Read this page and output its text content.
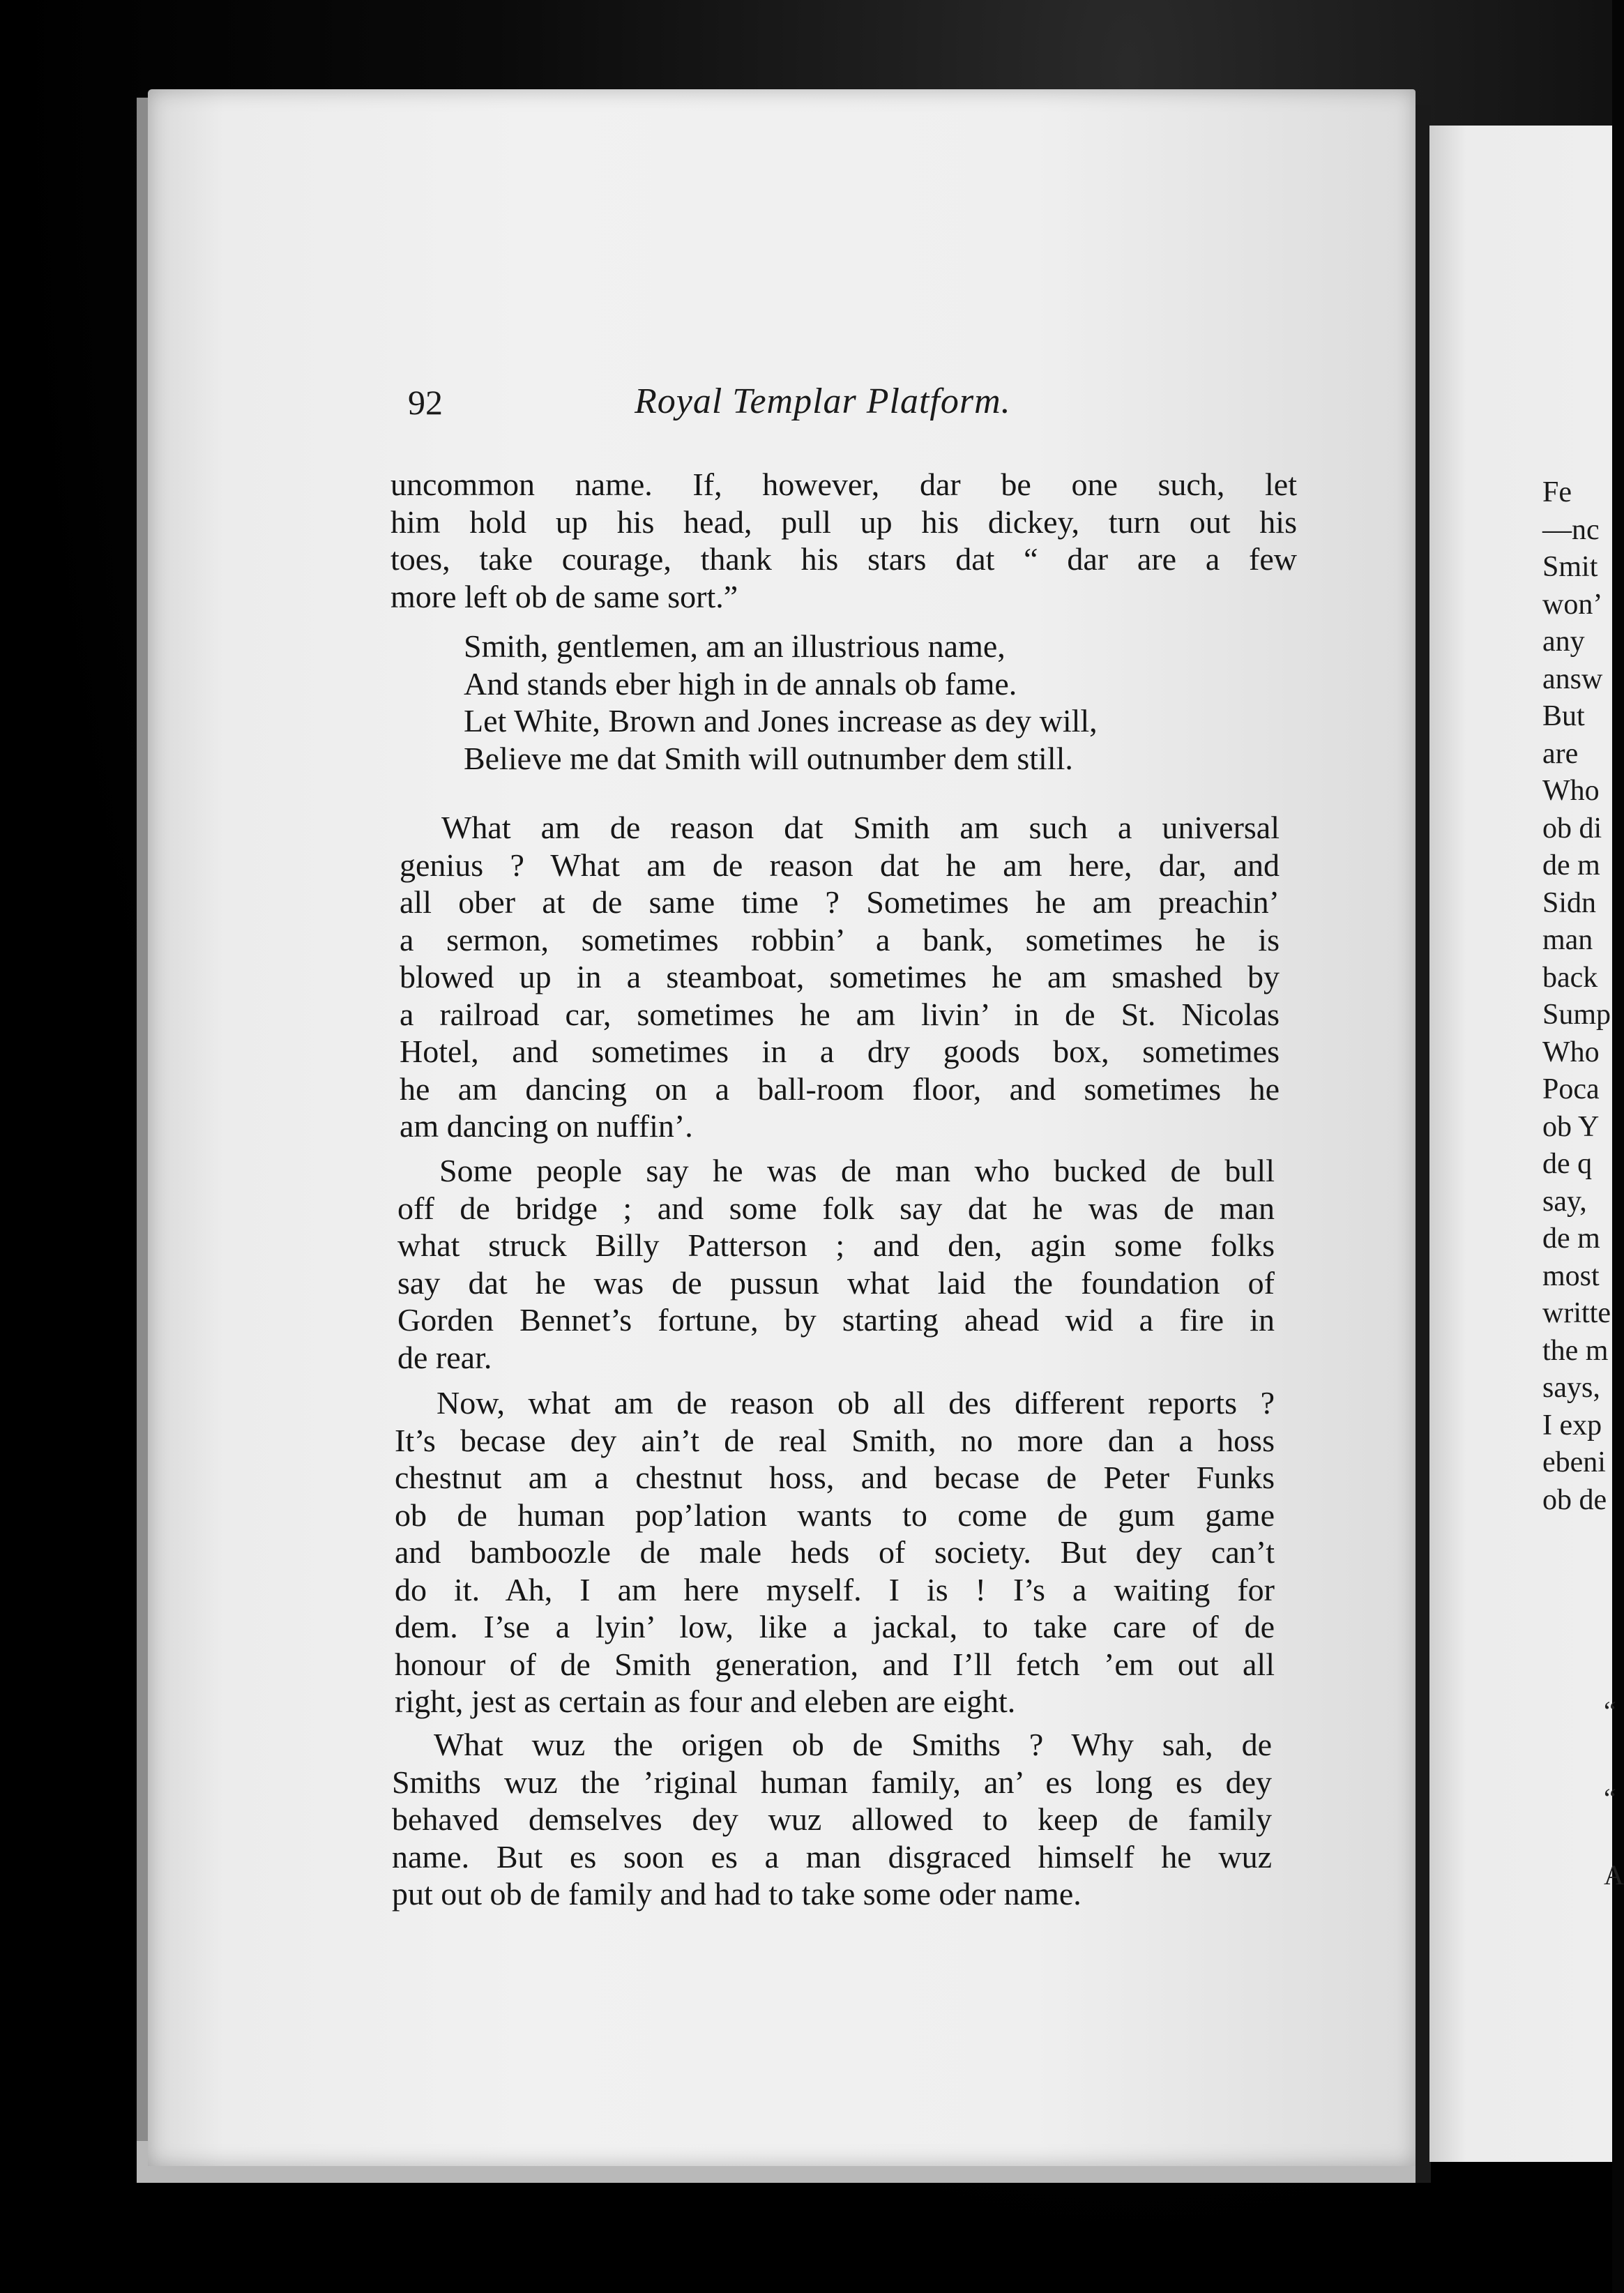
92	Royal Templar Platform.
uncommon name. If, however, dar be one such, let
him hold up his head, pull up his dickey, turn out his
toes, take courage, thank his stars dat “ dar are a few
more left ob de same sort.”
Smith, gentlemen, am an illustrious name,
And stands eber high in de annals ob fame.
Let White, Brown and Jones increase as dey will,
Believe me dat Smith will outnumber dem still.
What am de reason dat Smith am such a universal
genius ? What am de reason dat he am here, dar, and
all ober at de same time ? Sometimes he am preachin’
a sermon, sometimes robbin’ a bank, sometimes he is
blowed up in a steamboat, sometimes he am smashed by
a railroad car, sometimes he am livin’ in de St. Nicolas
Hotel, and sometimes in a dry goods box, sometimes
he am dancing on a ball-room floor, and sometimes he
am dancing on nuffin’.
Some people say he was de man who bucked de bull
off de bridge ; and some folk say dat he was de man
what struck Billy Patterson ; and den, agin some folks
say dat he was de pussun what laid the foundation of
Gorden Bennet’s fortune, by starting ahead wid a fire in
de rear.
Now, what am de reason ob all des different reports ?
It’s becase dey ain’t de real Smith, no more dan a hoss
chestnut am a chestnut hoss, and becase de Peter Funks
ob de human pop’lation wants to come de gum game
and bamboozle de male heds of society. But dey can’t
do it. Ah, I am here myself. I is ! I’s a waiting for
dem. I’se a lyin’ low, like a jackal, to take care of de
honour of de Smith generation, and I’ll fetch ’em out all
right, jest as certain as four and eleben are eight.
What wuz the origen ob de Smiths ? Why sah, de
Smiths wuz the ’riginal human family, an’ es long es dey
behaved demselves dey wuz allowed to keep de family
name. But es soon es a man disgraced himself he wuz
put out ob de family and had to take some oder name.
Fe
—nc
Smit
won’
any
answ
But
are
Who
ob di
de m
Sidn
man
back
Sump
Who
Poca
ob Y
de q
say,
de m
most
writte
the m
says,
I exp
ebeni
ob de
“
“
A
